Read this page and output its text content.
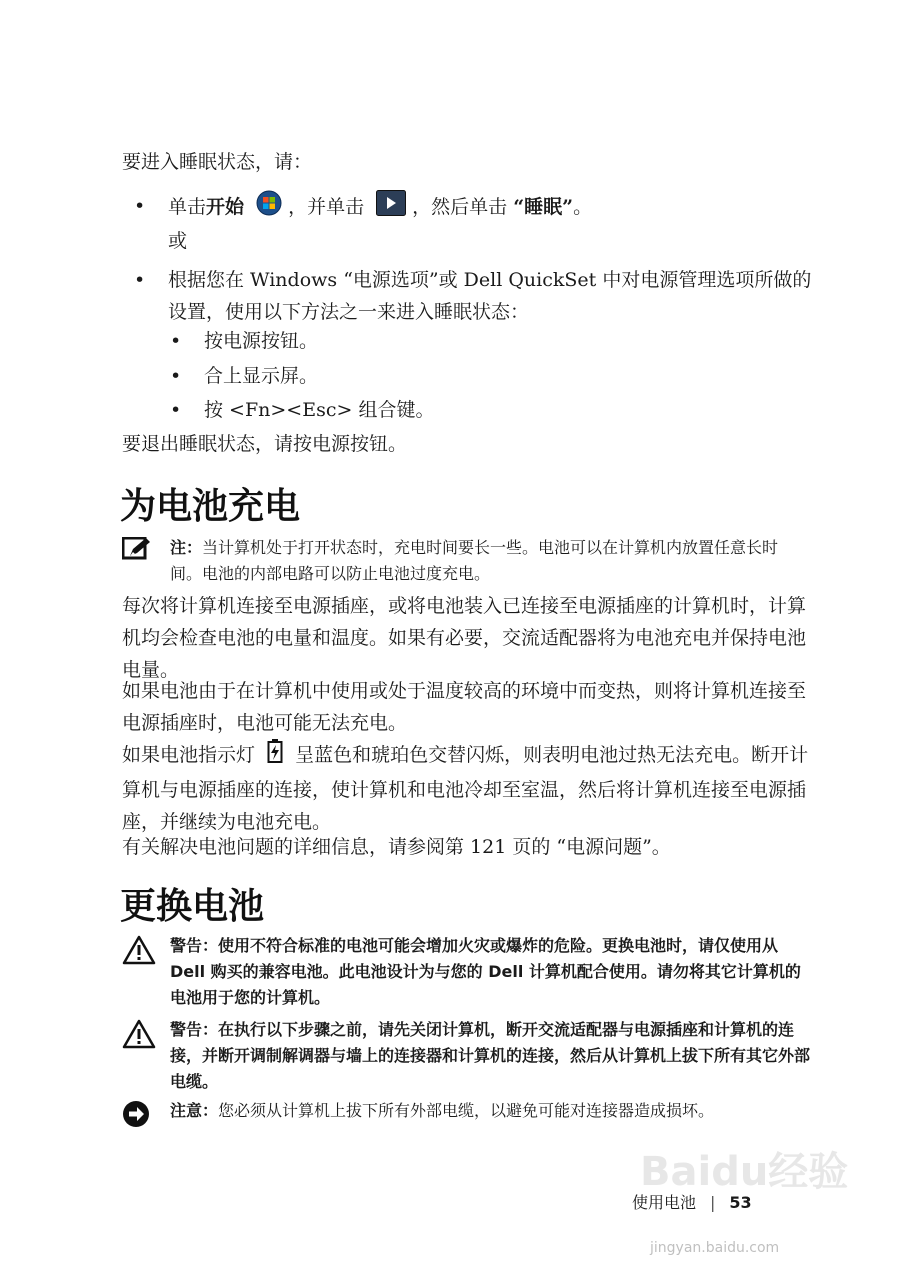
要进入睡眠状态，请：
• 单击开始 ，并单击	，然后单击 “睡眠”。
或
• 根据您在 Windows “电源选项”或 Dell QuickSet 中对电源管理选项所做的设置，使用以下方法之一来进入睡眠状态：
• 按电源按钮。
• 合上显示屏。
• 按 <Fn><Esc> 组合键。
要退出睡眠状态，请按电源按钮。
为电池充电
注：当计算机处于打开状态时，充电时间要长一些。电池可以在计算机内放置任意长时间。电池的内部电路可以防止电池过度充电。
每次将计算机连接至电源插座，或将电池装入已连接至电源插座的计算机时，计算机均会检查电池的电量和温度。如果有必要，交流适配器将为电池充电并保持电池电量。
如果电池由于在计算机中使用或处于温度较高的环境中而变热，则将计算机连接至电源插座时，电池可能无法充电。
如果电池指示灯 呈蓝色和琥珀色交替闪烁，则表明电池过热无法充电。断开计算机与电源插座的连接，使计算机和电池冷却至室温，然后将计算机连接至电源插座，并继续为电池充电。
有关解决电池问题的详细信息，请参阅第 121 页的 “电源问题”。
更换电池
警告：使用不符合标准的电池可能会增加火灾或爆炸的危险。更换电池时，请仅使用从 Dell 购买的兼容电池。此电池设计为与您的 Dell 计算机配合使用。请勿将其它计算机的电池用于您的计算机。
警告：在执行以下步骤之前，请先关闭计算机，断开交流适配器与电源插座和计算机的连接，并断开调制解调器与墙上的连接器和计算机的连接，然后从计算机上拔下所有其它外部电缆。
注意：您必须从计算机上拔下所有外部电缆，以避免可能对连接器造成损坏。
Baidu经验
jingyan.baidu.com
使用电池 | 53
